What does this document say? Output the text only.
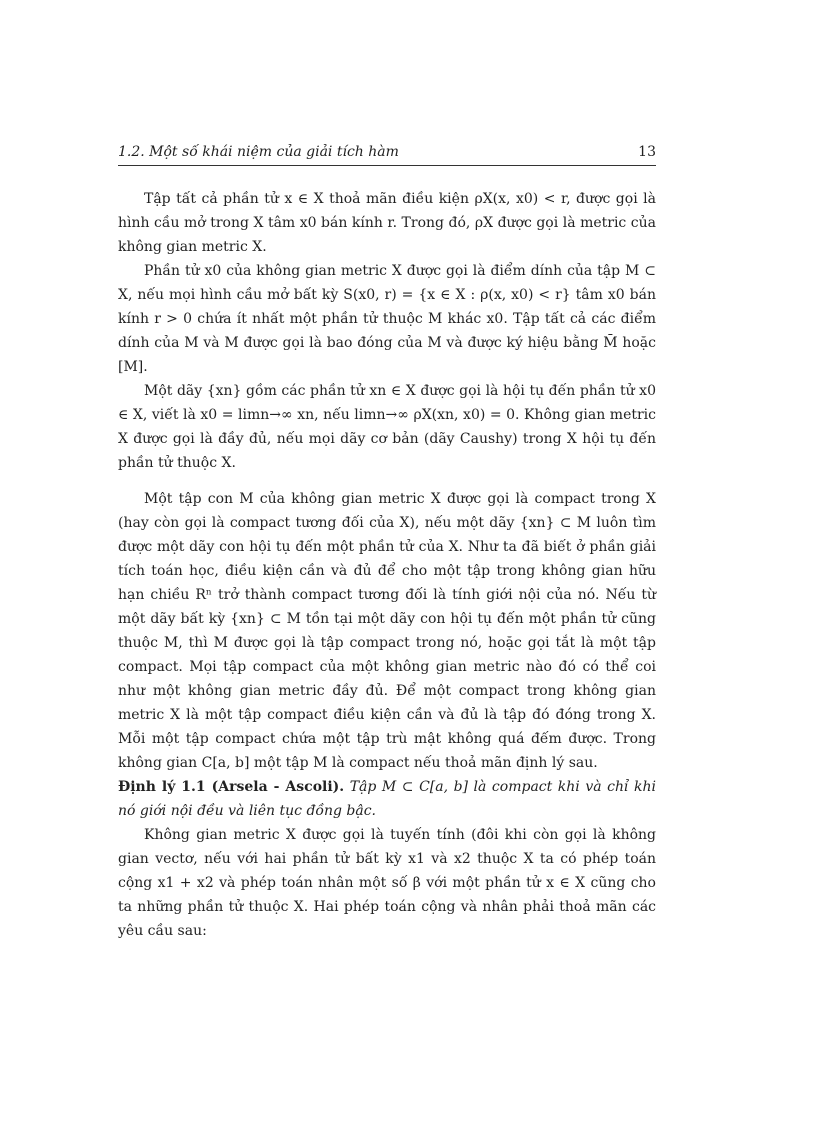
1.2. Một số khái niệm của giải tích hàm	13

Tập tất cả phần tử x ∈ X thoả mãn điều kiện ρX(x, x0) < r, được gọi là hình cầu mở trong X tâm x0 bán kính r. Trong đó, ρX được gọi là metric của không gian metric X.

Phần tử x0 của không gian metric X được gọi là điểm dính của tập M ⊂ X, nếu mọi hình cầu mở bất kỳ S(x0, r) = {x ∈ X : ρ(x, x0) < r} tâm x0 bán kính r > 0 chứa ít nhất một phần tử thuộc M khác x0. Tập tất cả các điểm dính của M và M được gọi là bao đóng của M và được ký hiệu bằng M̄ hoặc [M].

Một dãy {xn} gồm các phần tử xn ∈ X được gọi là hội tụ đến phần tử x0 ∈ X, viết là x0 = limn→∞ xn, nếu limn→∞ ρX(xn, x0) = 0. Không gian metric X được gọi là đầy đủ, nếu mọi dãy cơ bản (dãy Caushy) trong X hội tụ đến phần tử thuộc X.

Một tập con M của không gian metric X được gọi là compact trong X (hay còn gọi là compact tương đối của X), nếu một dãy {xn} ⊂ M luôn tìm được một dãy con hội tụ đến một phần tử của X. Như ta đã biết ở phần giải tích toán học, điều kiện cần và đủ để cho một tập trong không gian hữu hạn chiều Rⁿ trở thành compact tương đối là tính giới nội của nó. Nếu từ một dãy bất kỳ {xn} ⊂ M tồn tại một dãy con hội tụ đến một phần tử cũng thuộc M, thì M được gọi là tập compact trong nó, hoặc gọi tắt là một tập compact. Mọi tập compact của một không gian metric nào đó có thể coi như một không gian metric đầy đủ. Để một compact trong không gian metric X là một tập compact điều kiện cần và đủ là tập đó đóng trong X. Mỗi một tập compact chứa một tập trù mật không quá đếm được. Trong không gian C[a, b] một tập M là compact nếu thoả mãn định lý sau.

Định lý 1.1 (Arsela - Ascoli). Tập M ⊂ C[a, b] là compact khi và chỉ khi nó giới nội đều và liên tục đồng bậc.

Không gian metric X được gọi là tuyến tính (đôi khi còn gọi là không gian vectơ, nếu với hai phần tử bất kỳ x1 và x2 thuộc X ta có phép toán cộng x1 + x2 và phép toán nhân một số β với một phần tử x ∈ X cũng cho ta những phần tử thuộc X. Hai phép toán cộng và nhân phải thoả mãn các yêu cầu sau:
